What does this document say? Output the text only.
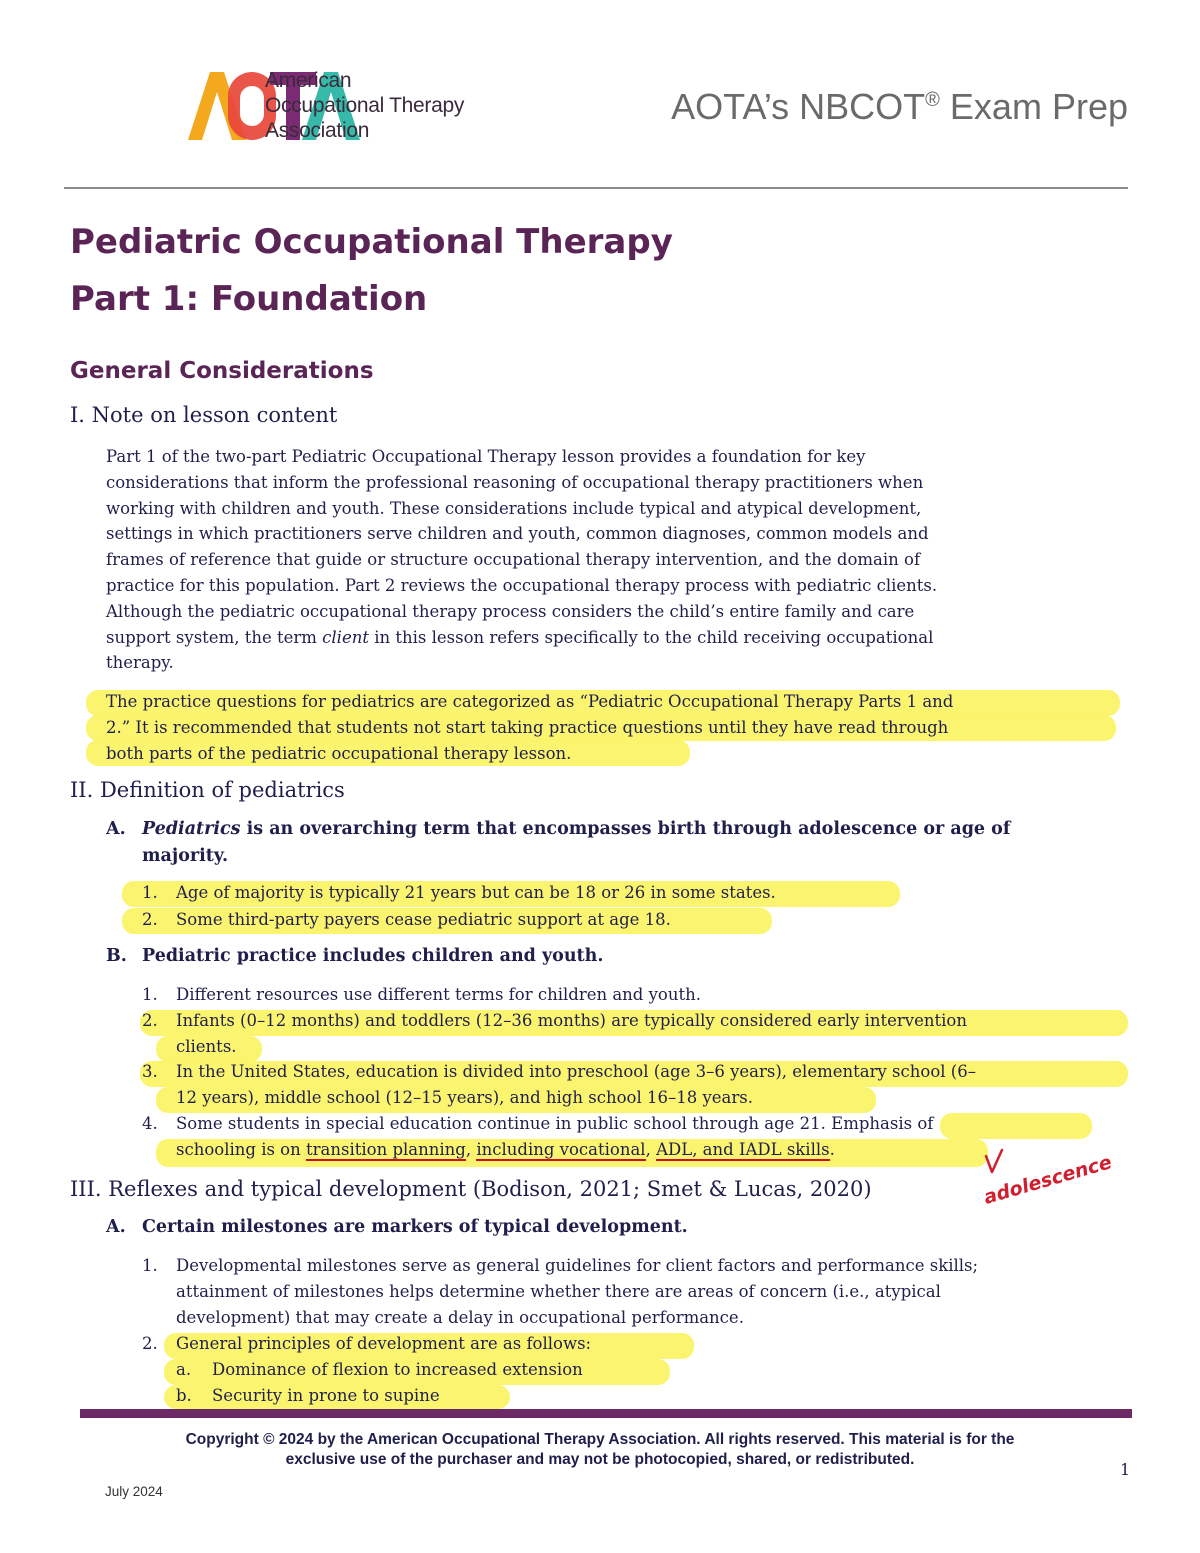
American
Occupational Therapy
Association
AOTA’s NBCOT® Exam Prep
Pediatric Occupational Therapy
Part 1: Foundation
General Considerations
I. Note on lesson content
Part 1 of the two-part Pediatric Occupational Therapy lesson provides a foundation for key
considerations that inform the professional reasoning of occupational therapy practitioners when
working with children and youth. These considerations include typical and atypical development,
settings in which practitioners serve children and youth, common diagnoses, common models and
frames of reference that guide or structure occupational therapy intervention, and the domain of
practice for this population. Part 2 reviews the occupational therapy process with pediatric clients.
Although the pediatric occupational therapy process considers the child’s entire family and care
support system, the term client in this lesson refers specifically to the child receiving occupational
therapy.
The practice questions for pediatrics are categorized as “Pediatric Occupational Therapy Parts 1 and
2.” It is recommended that students not start taking practice questions until they have read through
both parts of the pediatric occupational therapy lesson.
II. Definition of pediatrics
A. Pediatrics is an overarching term that encompasses birth through adolescence or age of
majority.
1. Age of majority is typically 21 years but can be 18 or 26 in some states.
2. Some third-party payers cease pediatric support at age 18.
B. Pediatric practice includes children and youth.
1. Different resources use different terms for children and youth.
2. Infants (0–12 months) and toddlers (12–36 months) are typically considered early intervention
clients.
3. In the United States, education is divided into preschool (age 3–6 years), elementary school (6–
12 years), middle school (12–15 years), and high school 16–18 years.
4. Some students in special education continue in public school through age 21. Emphasis of
schooling is on transition planning, including vocational, ADL, and IADL skills.
adolescence
III. Reflexes and typical development (Bodison, 2021; Smet & Lucas, 2020)
A. Certain milestones are markers of typical development.
1. Developmental milestones serve as general guidelines for client factors and performance skills;
attainment of milestones helps determine whether there are areas of concern (i.e., atypical
development) that may create a delay in occupational performance.
2. General principles of development are as follows:
a. Dominance of flexion to increased extension
b. Security in prone to supine
Copyright © 2024 by the American Occupational Therapy Association. All rights reserved. This material is for the
exclusive use of the purchaser and may not be photocopied, shared, or redistributed.
July 2024
1
